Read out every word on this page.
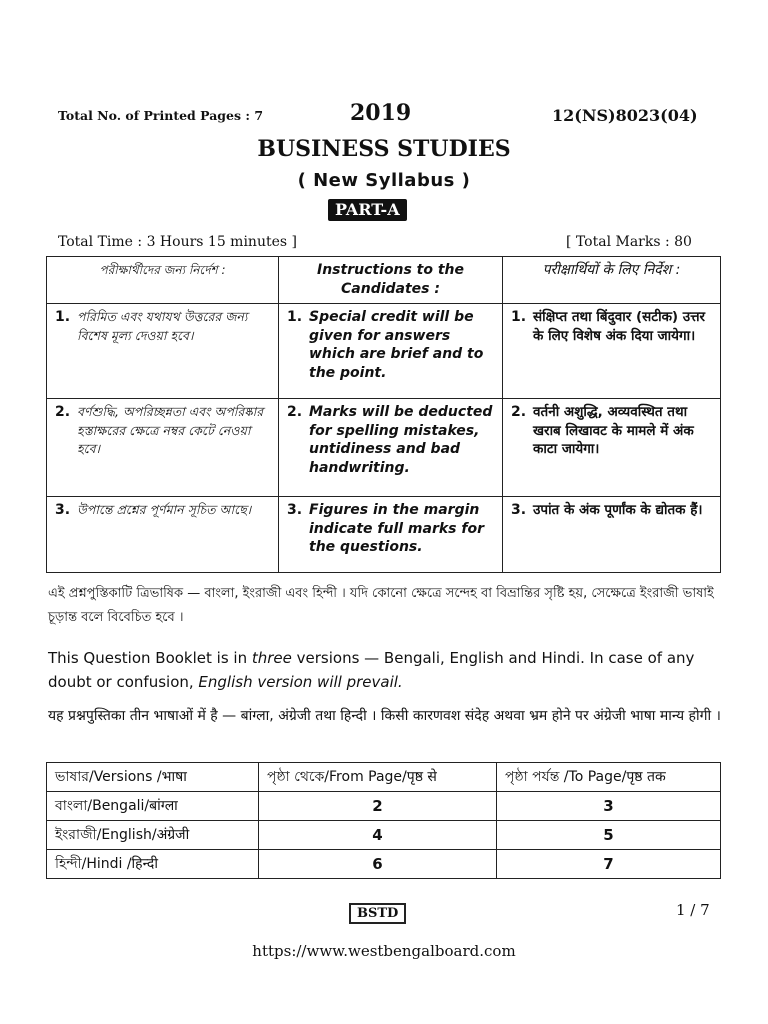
Total No. of Printed Pages : 7	2019	12(NS)8023(04)
BUSINESS STUDIES
( New Syllabus )
PART-A
Total Time : 3 Hours 15 minutes ]	[ Total Marks : 80
পরীক্ষার্থীদের জন্য নির্দেশ :	Instructions to the Candidates :	परीक्षार्थियों के लिए निर्देश :

1. পরিমিত এবং যথাযথ উত্তরের জন্য বিশেষ মূল্য দেওয়া হবে।	1. Special credit will be given for answers which are brief and to the point.	1. संक्षिप्त तथा बिंदुवार (सटीक) उत्तर के लिए विशेष अंक दिया जायेगा।

2. বর্ণশুদ্ধি, অপরিচ্ছন্নতা এবং অপরিষ্কার হস্তাক্ষরের ক্ষেত্রে নম্বর কেটে নেওয়া হবে।	2. Marks will be deducted for spelling mistakes, untidiness and bad handwriting.	2. वर्तनी अशुद्धि, अव्यवस्थित तथा खराब लिखावट के मामले में अंक काटा जायेगा।

3. উপান্তে প্রশ্নের পূর্ণমান সূচিত আছে।	3. Figures in the margin indicate full marks for the questions.	3. उपांत के अंक पूर्णांक के द्योतक हैं।
এই প্রশ্নপুস্তিকাটি ত্রিভাষিক — বাংলা, ইংরাজী এবং হিন্দী । যদি কোনো ক্ষেত্রে সন্দেহ বা বিভ্রান্তির সৃষ্টি হয়, সেক্ষেত্রে ইংরাজী ভাষাই চূড়ান্ত বলে বিবেচিত হবে ।
This Question Booklet is in three versions — Bengali, English and Hindi. In case of any doubt or confusion, English version will prevail.
यह प्रश्नपुस्तिका तीन भाषाओं में है — बांग्ला, अंग्रेजी तथा हिन्दी । किसी कारणवश संदेह अथवा भ्रम होने पर अंग्रेजी भाषा मान्य होगी ।
ভাষার/Versions /भाषा	পৃষ্ঠা থেকে/From Page/पृष्ठ से	পৃষ্ঠা পর্যন্ত /To Page/पृष्ठ तक
বাংলা/Bengali/बांग्ला	2	3
ইংরাজী/English/अंग्रेजी	4	5
হিন্দী/Hindi /हिन्दी	6	7
BSTD	1 / 7
https://www.westbengalboard.com
